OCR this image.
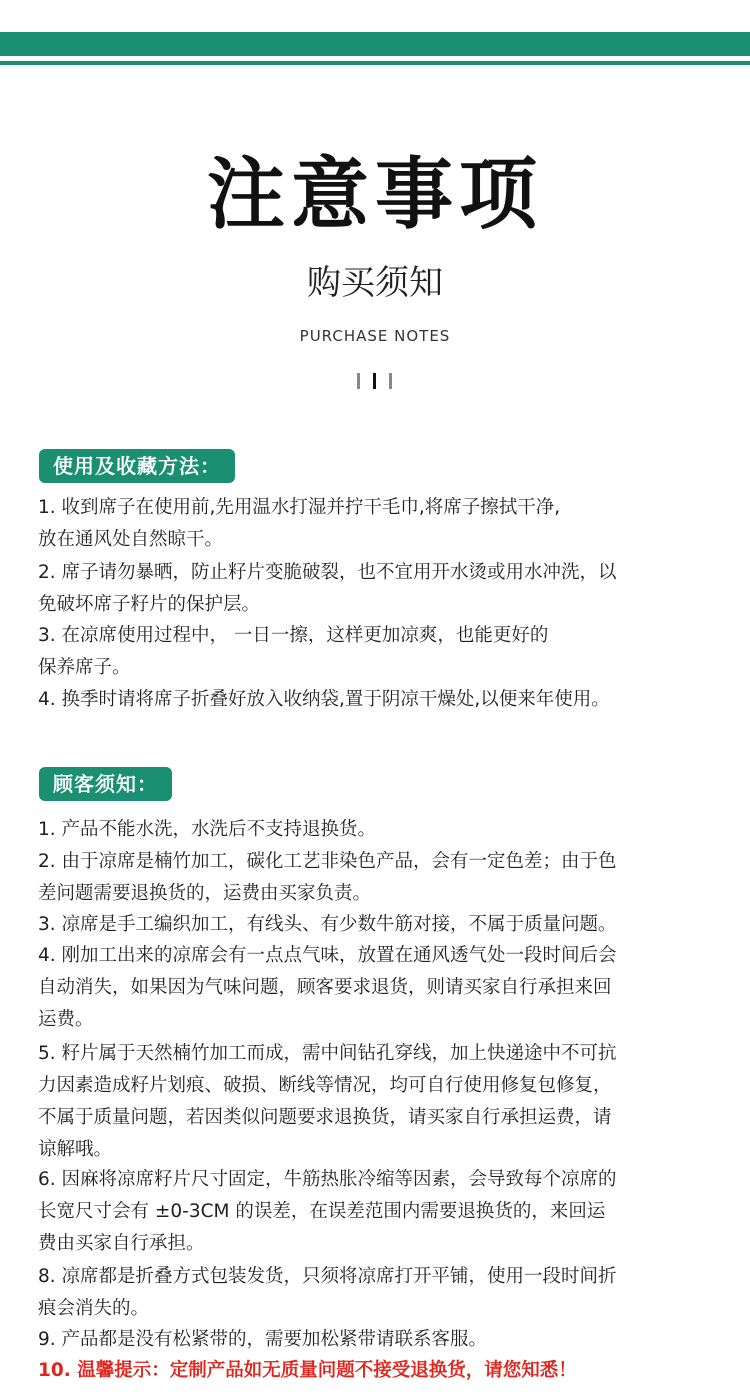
注意事项
购买须知
PURCHASE NOTES
使用及收藏方法：
1. 收到席子在使用前,先用温水打湿并拧干毛巾,将席子擦拭干净,
放在通风处自然晾干。
2. 席子请勿暴晒，防止籽片变脆破裂，也不宜用开水烫或用水冲洗，以
免破坏席子籽片的保护层。
3. 在凉席使用过程中， 一日一擦，这样更加凉爽，也能更好的
保养席子。
4. 换季时请将席子折叠好放入收纳袋,置于阴凉干燥处,以便来年使用。
顾客须知：
1. 产品不能水洗，水洗后不支持退换货。
2. 由于凉席是楠竹加工，碳化工艺非染色产品，会有一定色差；由于色
差问题需要退换货的，运费由买家负责。
3. 凉席是手工编织加工，有线头、有少数牛筋对接，不属于质量问题。
4. 刚加工出来的凉席会有一点点气味，放置在通风透气处一段时间后会
自动消失，如果因为气味问题，顾客要求退货，则请买家自行承担来回
运费。
5. 籽片属于天然楠竹加工而成，需中间钻孔穿线，加上快递途中不可抗
力因素造成籽片划痕、破损、断线等情况，均可自行使用修复包修复，
不属于质量问题，若因类似问题要求退换货，请买家自行承担运费，请
谅解哦。
6. 因麻将凉席籽片尺寸固定，牛筋热胀冷缩等因素，会导致每个凉席的
长宽尺寸会有 ±0-3CM 的误差，在误差范围内需要退换货的，来回运
费由买家自行承担。
8. 凉席都是折叠方式包装发货，只须将凉席打开平铺，使用一段时间折
痕会消失的。
9. 产品都是没有松紧带的，需要加松紧带请联系客服。
10. 温馨提示：定制产品如无质量问题不接受退换货，请您知悉！
